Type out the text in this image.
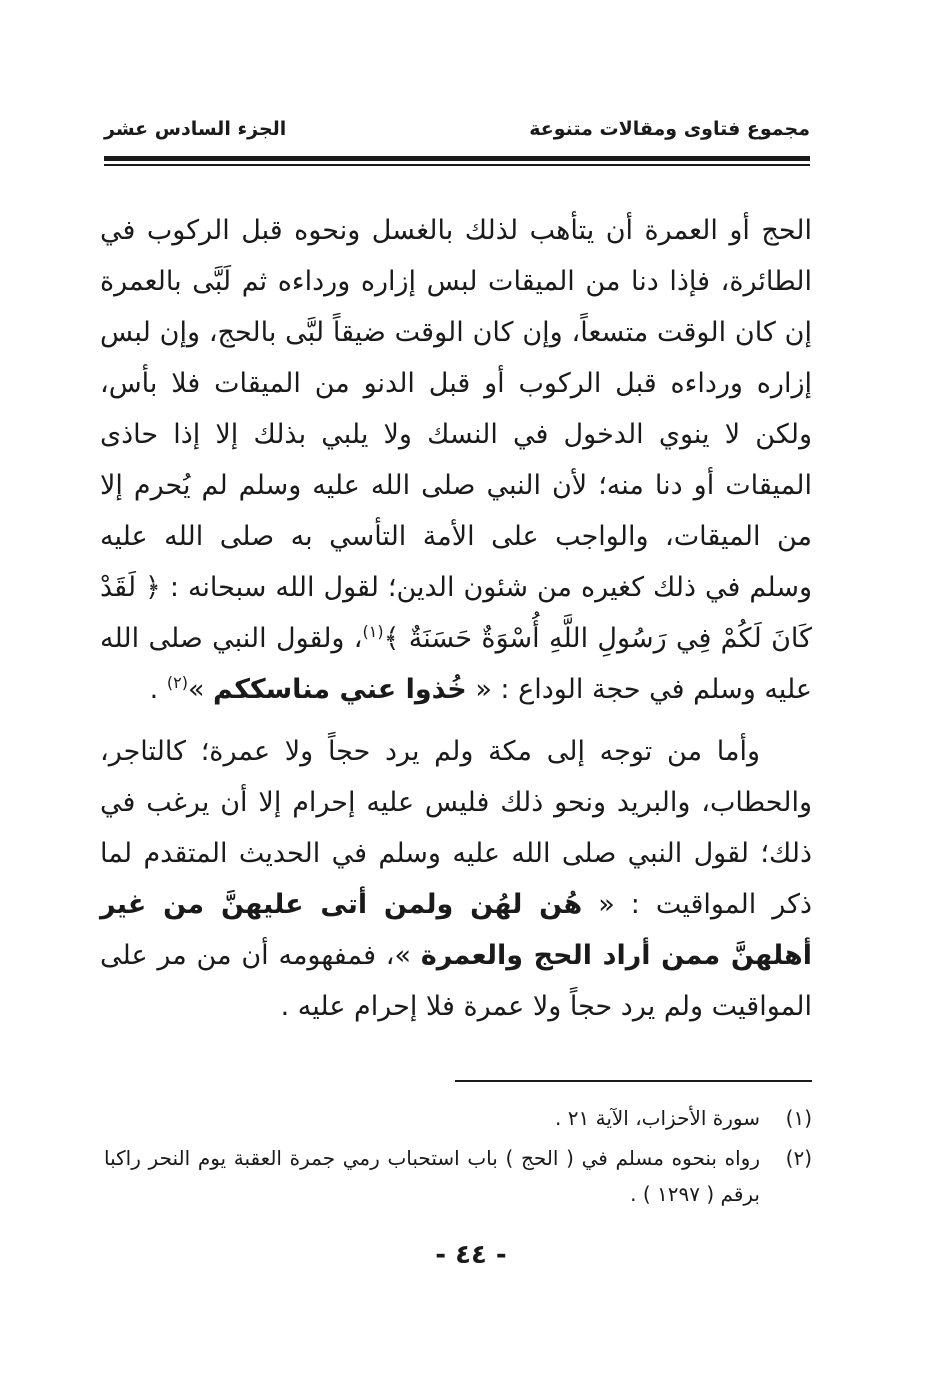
مجموع فتاوى ومقالات متنوعة
الجزء السادس عشر

الحج أو العمرة أن يتأهب لذلك بالغسل ونحوه قبل الركوب في الطائرة، فإذا دنا من الميقات لبس إزاره ورداءه ثم لَبَّى بالعمرة إن كان الوقت متسعاً، وإن كان الوقت ضيقاً لبَّى بالحج، وإن لبس إزاره ورداءه قبل الركوب أو قبل الدنو من الميقات فلا بأس، ولكن لا ينوي الدخول في النسك ولا يلبي بذلك إلا إذا حاذى الميقات أو دنا منه؛ لأن النبي صلى الله عليه وسلم لم يُحرم إلا من الميقات، والواجب على الأمة التأسي به صلى الله عليه وسلم في ذلك كغيره من شئون الدين؛ لقول الله سبحانه : ﴿ لَقَدْ كَانَ لَكُمْ فِي رَسُولِ اللَّهِ أُسْوَةٌ حَسَنَةٌ ﴾$^{(١)}$، ولقول النبي صلى الله عليه وسلم في حجة الوداع : « خُذوا عني مناسككم »$^{(٢)}$ .

وأما من توجه إلى مكة ولم يرد حجاً ولا عمرة؛ كالتاجر، والحطاب، والبريد ونحو ذلك فليس عليه إحرام إلا أن يرغب في ذلك؛ لقول النبي صلى الله عليه وسلم في الحديث المتقدم لما ذكر المواقيت : « هُن لهُن ولمن أتى عليهنَّ من غير أهلهنَّ ممن أراد الحج والعمرة »، فمفهومه أن من مر على المواقيت ولم يرد حجاً ولا عمرة فلا إحرام عليه .

(١)
سورة الأحزاب، الآية ٢١ .
(٢)
رواه بنحوه مسلم في ( الحج ) باب استحباب رمي جمرة العقبة يوم النحر راكبا برقم ( ١٢٩٧ ) .
- ٤٤ -
